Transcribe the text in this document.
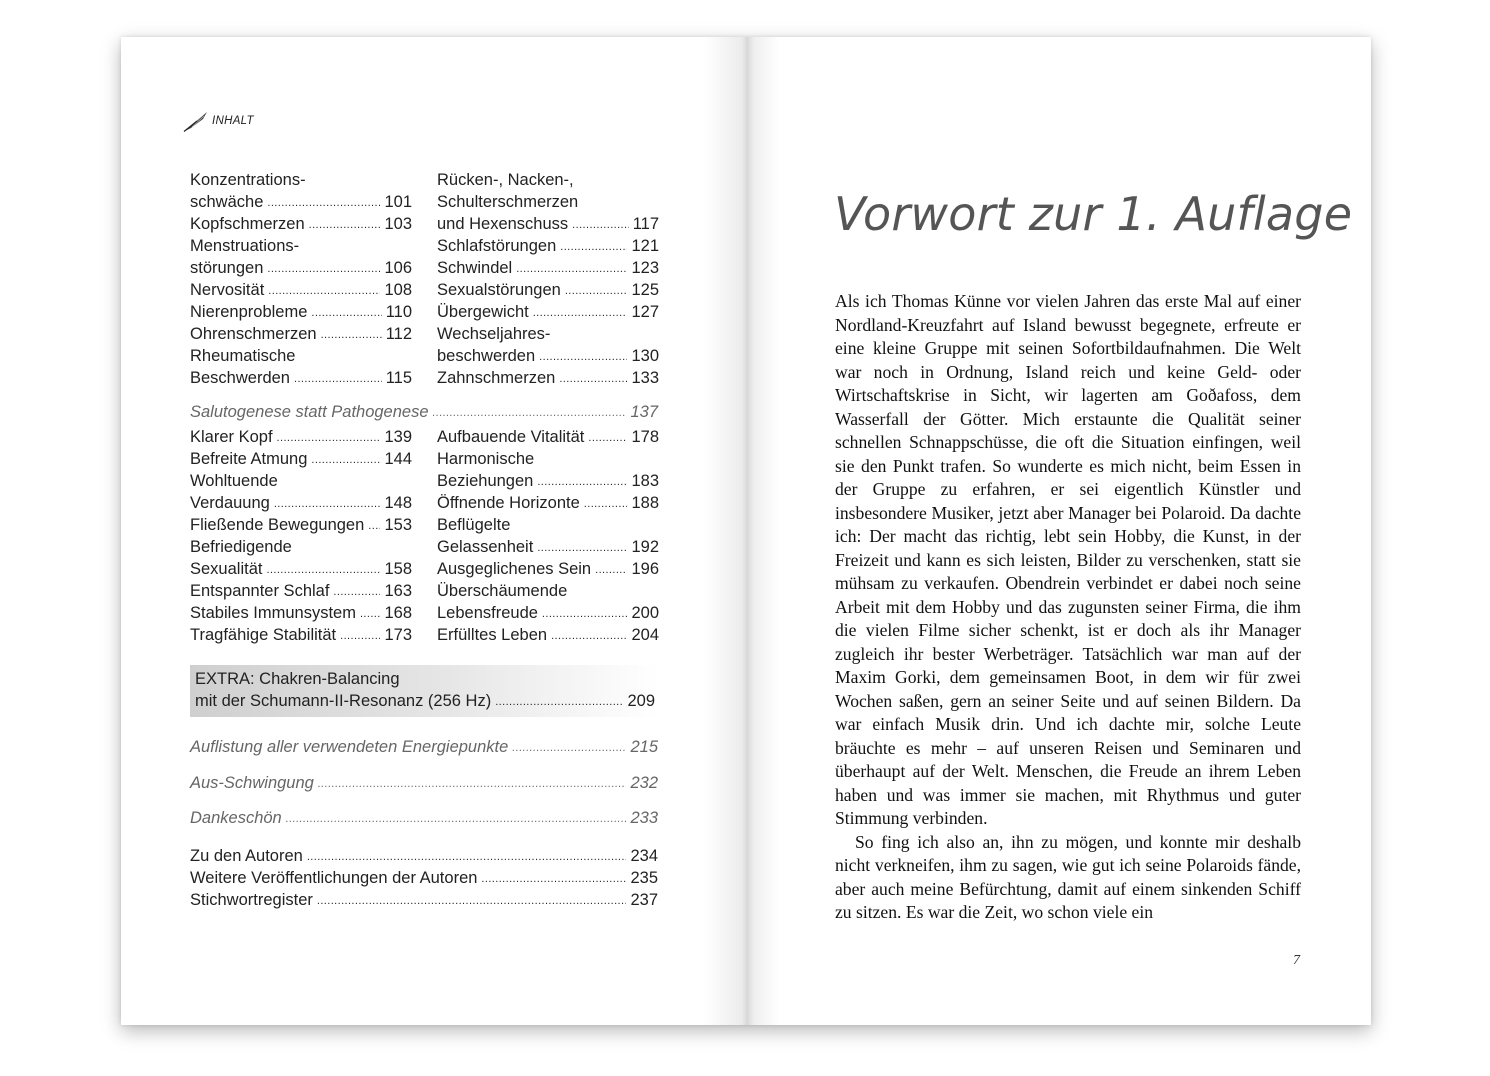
INHALT
Konzentrations-
schwäche .....	101
Kopfschmerzen .....	103
Menstruations-
störungen .....	106
Nervosität .....	108
Nierenprobleme .....	110
Ohrenschmerzen .....	112
Rheumatische
Beschwerden .....	115
Rücken-, Nacken-,
Schulterschmerzen
und Hexenschuss .....	117
Schlafstörungen .....	121
Schwindel .....	123
Sexualstörungen .....	125
Übergewicht .....	127
Wechseljahres-
beschwerden .....	130
Zahnschmerzen .....	133
Salutogenese statt Pathogenese .....	137
Klarer Kopf .....	139
Befreite Atmung .....	144
Wohltuende
Verdauung .....	148
Fließende Bewegungen ..... 153
Befriedigende
Sexualität .....	158
Entspannter Schlaf .....	163
Stabiles Immunsystem ..... 168
Tragfähige Stabilität .....	173
Aufbauende Vitalität .....	178
Harmonische
Beziehungen .....	183
Öffnende Horizonte .....	188
Beflügelte
Gelassenheit .....	192
Ausgeglichenes Sein ..... 196
Überschäumende
Lebensfreude .....	200
Erfülltes Leben .....	204
EXTRA: Chakren-Balancing
mit der Schumann-II-Resonanz (256 Hz) .....	209
Auflistung aller verwendeten Energiepunkte .....	215
Aus-Schwingung .....	232
Dankeschön .....	233
Zu den Autoren .....	234
Weitere Veröffentlichungen der Autoren .....	235
Stichwortregister .....	237
Vorwort zur 1. Auflage

Als ich Thomas Künne vor vielen Jahren das erste Mal auf einer Nordland-Kreuzfahrt auf Island bewusst begegnete, erfreute er eine kleine Gruppe mit seinen Sofortbildaufnahmen. Die Welt war noch in Ordnung, Island reich und keine Geld- oder Wirtschaftskrise in Sicht, wir lagerten am Goðafoss, dem Wasserfall der Götter. Mich erstaunte die Qualität seiner schnellen Schnappschüsse, die oft die Situation einfingen, weil sie den Punkt trafen. So wunderte es mich nicht, beim Essen in der Gruppe zu erfahren, er sei eigentlich Künstler und insbesondere Musiker, jetzt aber Manager bei Polaroid. Da dachte ich: Der macht das richtig, lebt sein Hobby, die Kunst, in der Freizeit und kann es sich leisten, Bilder zu verschenken, statt sie mühsam zu verkaufen. Obendrein verbindet er dabei noch seine Arbeit mit dem Hobby und das zugunsten seiner Firma, die ihm die vielen Filme sicher schenkt, ist er doch als ihr Manager zugleich ihr bester Werbeträger. Tatsächlich war man auf der Maxim Gorki, dem gemeinsamen Boot, in dem wir für zwei Wochen saßen, gern an seiner Seite und auf seinen Bildern. Da war einfach Musik drin. Und ich dachte mir, solche Leute bräuchte es mehr – auf unseren Reisen und Seminaren und überhaupt auf der Welt. Menschen, die Freude an ihrem Leben haben und was immer sie machen, mit Rhythmus und guter Stimmung verbinden.

So fing ich also an, ihn zu mögen, und konnte mir deshalb nicht verkneifen, ihm zu sagen, wie gut ich seine Polaroids fände, aber auch meine Befürchtung, damit auf einem sinkenden Schiff zu sitzen. Es war die Zeit, wo schon viele ein

7
